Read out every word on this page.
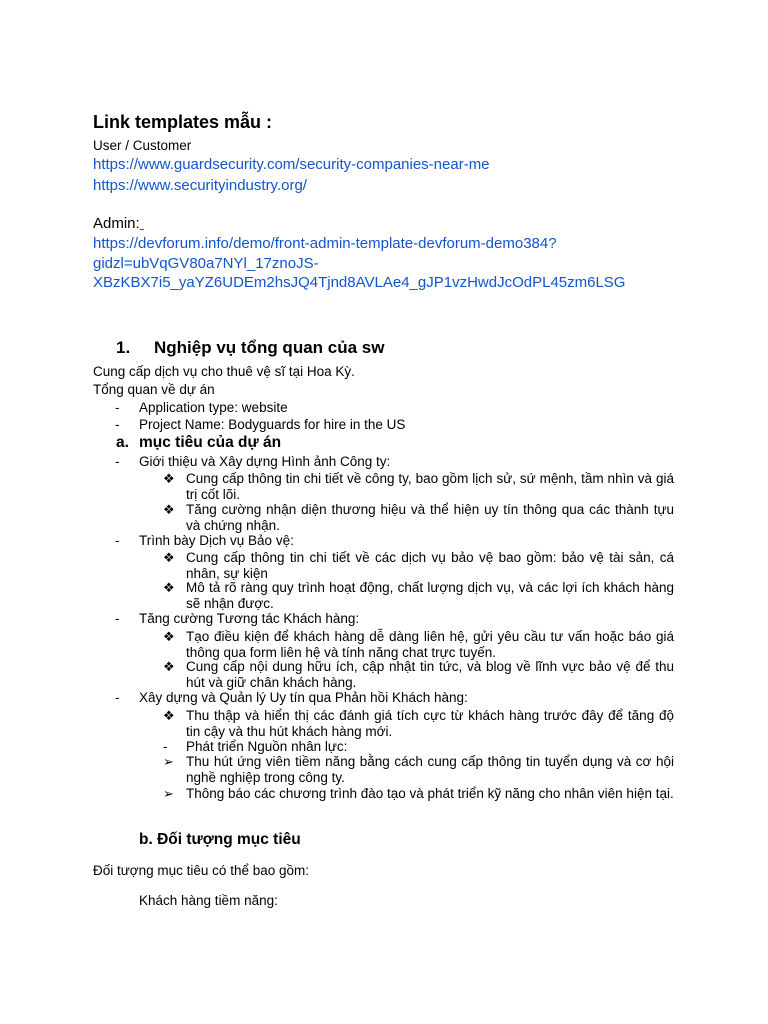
Link templates mẫu :
User / Customer
https://www.guardsecurity.com/security-companies-near-me
https://www.securityindustry.org/
Admin:
https://devforum.info/demo/front-admin-template-devforum-demo384?
gidzl=ubVqGV80a7NYl_17znoJS-
XBzKBX7i5_yaYZ6UDEm2hsJQ4Tjnd8AVLAe4_gJP1vzHwdJcOdPL45zm6LSG
1. Nghiệp vụ tổng quan của sw
Cung cấp dịch vụ cho thuê vệ sĩ tại Hoa Kỳ.
Tổng quan về dự án
- Application type: website
- Project Name: Bodyguards for hire in the US
a. mục tiêu của dự án
- Giới thiệu và Xây dựng Hình ảnh Công ty:
❖ Cung cấp thông tin chi tiết về công ty, bao gồm lịch sử, sứ mệnh, tầm nhìn và giá trị cốt lõi.
❖ Tăng cường nhận diện thương hiệu và thể hiện uy tín thông qua các thành tựu và chứng nhận.
- Trình bày Dịch vụ Bảo vệ:
❖ Cung cấp thông tin chi tiết về các dịch vụ bảo vệ bao gồm: bảo vệ tài sản, cá nhân, sự kiện
❖ Mô tả rõ ràng quy trình hoạt động, chất lượng dịch vụ, và các lợi ích khách hàng sẽ nhận được.
- Tăng cường Tương tác Khách hàng:
❖ Tạo điều kiện để khách hàng dễ dàng liên hệ, gửi yêu cầu tư vấn hoặc báo giá thông qua form liên hệ và tính năng chat trực tuyến.
❖ Cung cấp nội dung hữu ích, cập nhật tin tức, và blog về lĩnh vực bảo vệ để thu hút và giữ chân khách hàng.
- Xây dựng và Quản lý Uy tín qua Phản hồi Khách hàng:
❖ Thu thập và hiển thị các đánh giá tích cực từ khách hàng trước đây để tăng độ tin cậy và thu hút khách hàng mới.
- Phát triển Nguồn nhân lực:
➢ Thu hút ứng viên tiềm năng bằng cách cung cấp thông tin tuyển dụng và cơ hội nghề nghiệp trong công ty.
➢ Thông báo các chương trình đào tạo và phát triển kỹ năng cho nhân viên hiện tại.
b. Đối tượng mục tiêu
Đối tượng mục tiêu có thể bao gồm:
Khách hàng tiềm năng:
